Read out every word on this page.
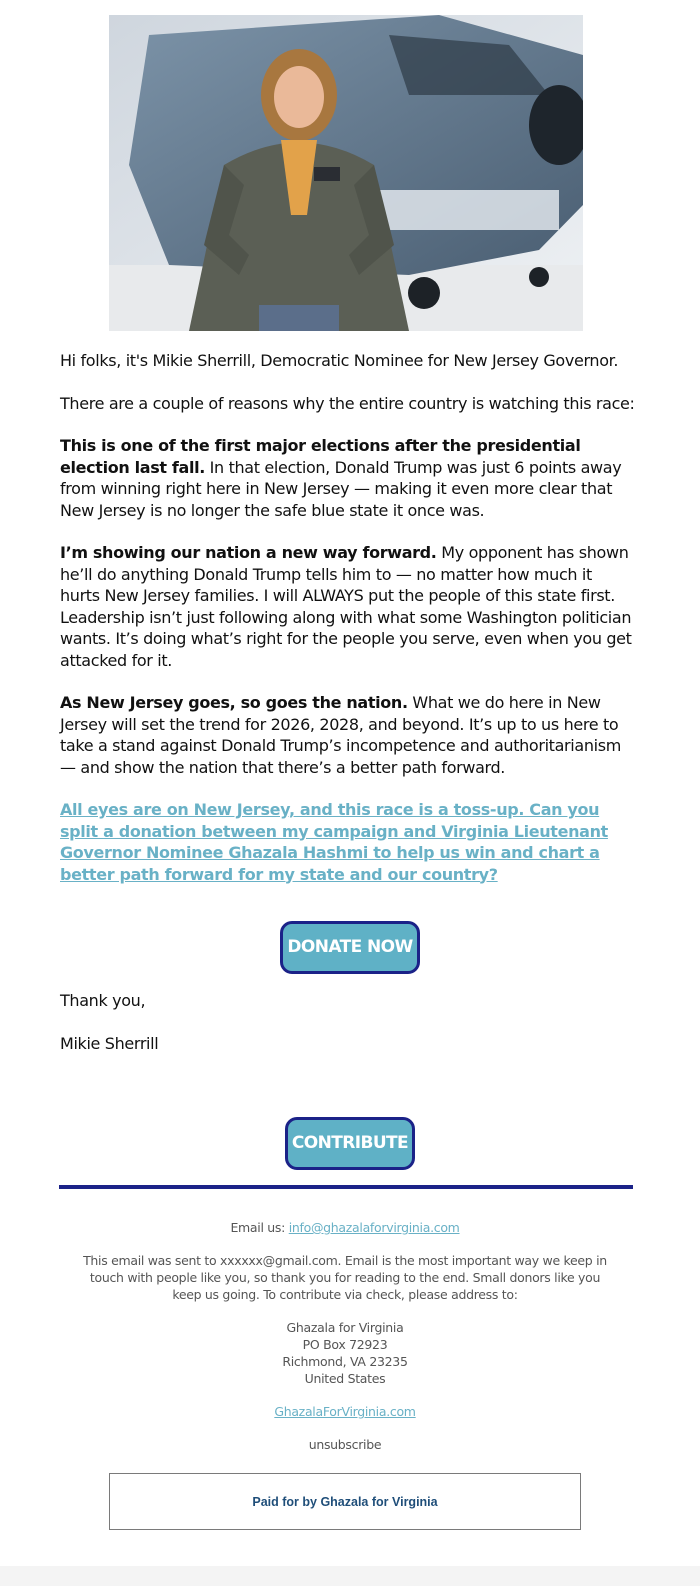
Hi folks, it's Mikie Sherrill, Democratic Nominee for New Jersey Governor.

There are a couple of reasons why the entire country is watching this race:

This is one of the first major elections after the presidential election last fall. In that election, Donald Trump was just 6 points away from winning right here in New Jersey — making it even more clear that New Jersey is no longer the safe blue state it once was.

I’m showing our nation a new way forward. My opponent has shown he’ll do anything Donald Trump tells him to — no matter how much it hurts New Jersey families. I will ALWAYS put the people of this state first. Leadership isn’t just following along with what some Washington politician wants. It’s doing what’s right for the people you serve, even when you get attacked for it.

As New Jersey goes, so goes the nation. What we do here in New Jersey will set the trend for 2026, 2028, and beyond. It’s up to us here to take a stand against Donald Trump’s incompetence and authoritarianism — and show the nation that there’s a better path forward.

All eyes are on New Jersey, and this race is a toss-up. Can you split a donation between my campaign and Virginia Lieutenant Governor Nominee Ghazala Hashmi to help us win and chart a better path forward for my state and our country?
DONATE NOW

Thank you,

Mikie Sherrill

CONTRIBUTE

Email us: info@ghazalaforvirginia.com

This email was sent to xxxxxx@gmail.com. Email is the most important way we keep in touch with people like you, so thank you for reading to the end. Small donors like you keep us going. To contribute via check, please address to:

Ghazala for Virginia
PO Box 72923
Richmond, VA 23235
United States

GhazalaForVirginia.com

unsubscribe

Paid for by Ghazala for Virginia
